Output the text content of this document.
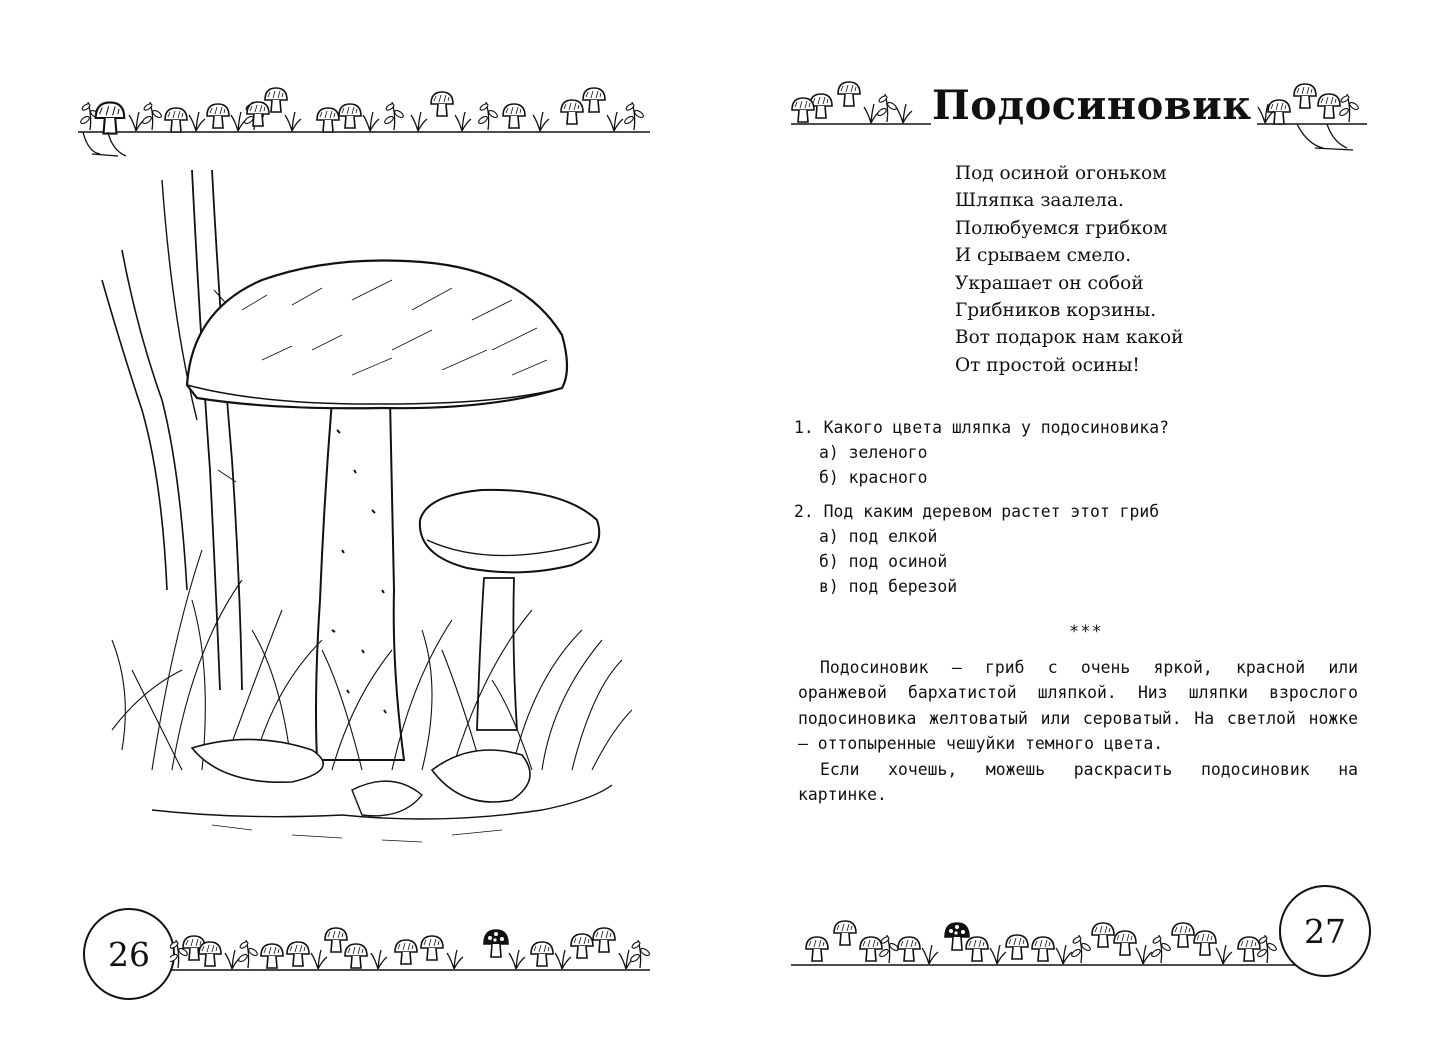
26
Подосиновик
Под осиной огоньком
Шляпка заалела.
Полюбуемся грибком
И срываем смело.
Украшает он собой
Грибников корзины.
Вот подарок нам какой
От простой осины!
1. Какого цвета шляпка у подосиновика?
а) зеленого
б) красного
2. Под каким деревом растет этот гриб
а) под елкой
б) под осиной
в) под березой
***

Подосиновик – гриб с очень яркой, красной или оранжевой бархатистой шляпкой. Низ шляпки взрослого подосиновика желтоватый или сероватый. На светлой ножке – оттопыренные чешуйки темного цвета.

Если хочешь, можешь раскрасить подосиновик на картинке.

27
